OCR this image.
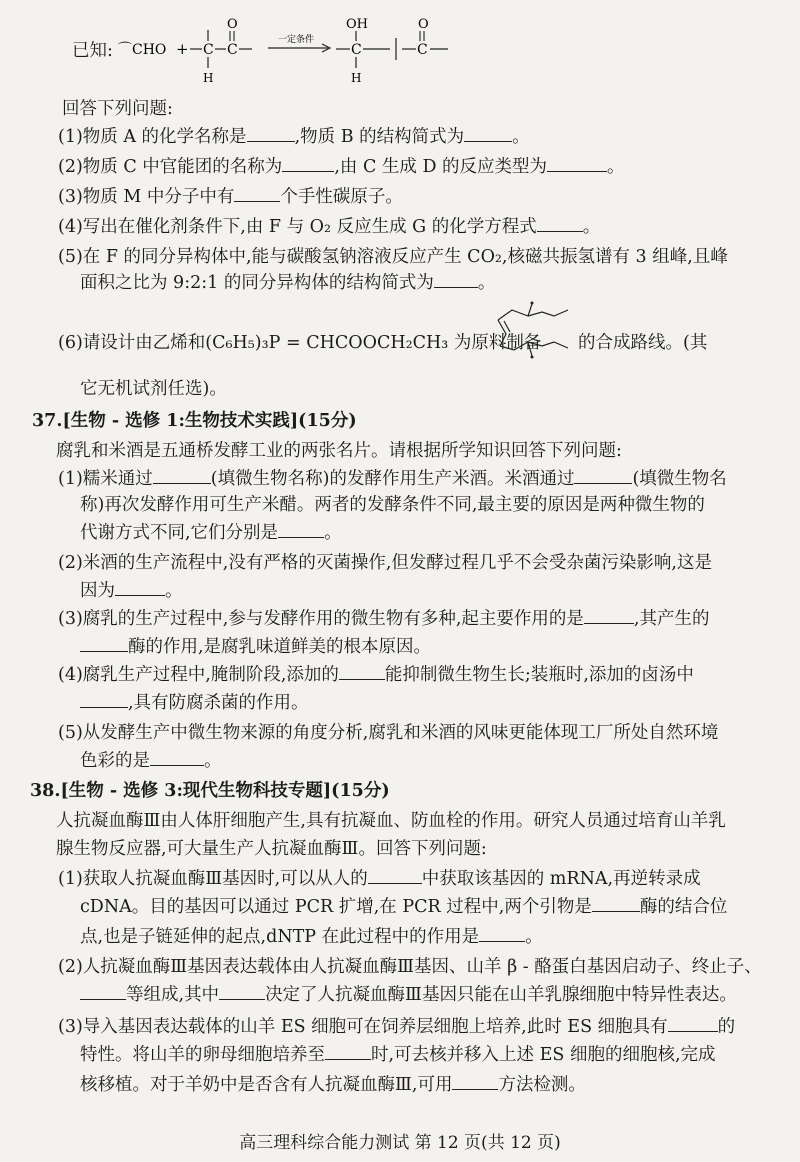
已知: ⌒CHO + C
H
C
O
一定条件
C
OH
H
C
O
回答下列问题:
(1)物质 A 的化学名称是	,物质 B 的结构简式为	。
(2)物质 C 中官能团的名称为	,由 C 生成 D 的反应类型为	。
(3)物质 M 中分子中有	个手性碳原子。
(4)写出在催化剂条件下,由 F 与 O₂ 反应生成 G 的化学方程式	。
(5)在 F 的同分异构体中,能与碳酸氢钠溶液反应产生 CO₂,核磁共振氢谱有 3 组峰,且峰
面积之比为 9:2:1 的同分异构体的结构简式为	。
(6)请设计由乙烯和(C₆H₅)₃P = CHCOOCH₂CH₃ 为原料制备 的合成路线。(其
它无机试剂任选)。
37.[生物 - 选修 1:生物技术实践](15分)
腐乳和米酒是五通桥发酵工业的两张名片。请根据所学知识回答下列问题:
(1)糯米通过	(填微生物名称)的发酵作用生产米酒。米酒通过	(填微生物名
称)再次发酵作用可生产米醋。两者的发酵条件不同,最主要的原因是两种微生物的
代谢方式不同,它们分别是	。
(2)米酒的生产流程中,没有严格的灭菌操作,但发酵过程几乎不会受杂菌污染影响,这是
因为	。
(3)腐乳的生产过程中,参与发酵作用的微生物有多种,起主要作用的是	,其产生的
酶的作用,是腐乳味道鲜美的根本原因。
(4)腐乳生产过程中,腌制阶段,添加的	能抑制微生物生长;装瓶时,添加的卤汤中
,具有防腐杀菌的作用。
(5)从发酵生产中微生物来源的角度分析,腐乳和米酒的风味更能体现工厂所处自然环境
色彩的是	。
38.[生物 - 选修 3:现代生物科技专题](15分)
人抗凝血酶Ⅲ由人体肝细胞产生,具有抗凝血、防血栓的作用。研究人员通过培育山羊乳
腺生物反应器,可大量生产人抗凝血酶Ⅲ。回答下列问题:
(1)获取人抗凝血酶Ⅲ基因时,可以从人的	中获取该基因的 mRNA,再逆转录成
cDNA。目的基因可以通过 PCR 扩增,在 PCR 过程中,两个引物是	酶的结合位
点,也是子链延伸的起点,dNTP 在此过程中的作用是	。
(2)人抗凝血酶Ⅲ基因表达载体由人抗凝血酶Ⅲ基因、山羊 β - 酪蛋白基因启动子、终止子、
等组成,其中	决定了人抗凝血酶Ⅲ基因只能在山羊乳腺细胞中特异性表达。
(3)导入基因表达载体的山羊 ES 细胞可在饲养层细胞上培养,此时 ES 细胞具有	的
特性。将山羊的卵母细胞培养至	时,可去核并移入上述 ES 细胞的细胞核,完成
核移植。对于羊奶中是否含有人抗凝血酶Ⅲ,可用	方法检测。
高三理科综合能力测试 第 12 页(共 12 页)
